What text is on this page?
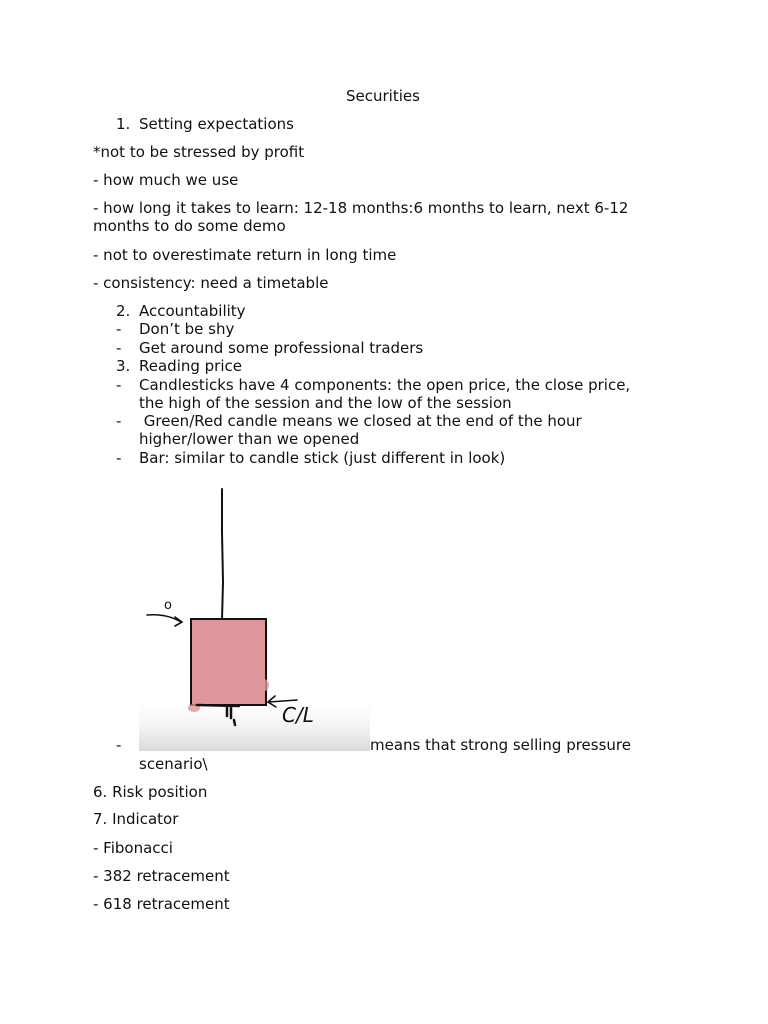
Securities
1. Setting expectations
*not to be stressed by profit
- how much we use
- how long it takes to learn: 12-18 months:6 months to learn, next 6-12
months to do some demo
- not to overestimate return in long time
- consistency: need a timetable
2. Accountability
- Don’t be shy
- Get around some professional traders
3. Reading price
- Candlesticks have 4 components: the open price, the close price,
the high of the session and the low of the session
- Green/Red candle means we closed at the end of the hour
higher/lower than we opened
- Bar: similar to candle stick (just different in look)
o
C/L
-	means that strong selling pressure
scenario\
6. Risk position
7. Indicator
- Fibonacci
- 382 retracement
- 618 retracement
